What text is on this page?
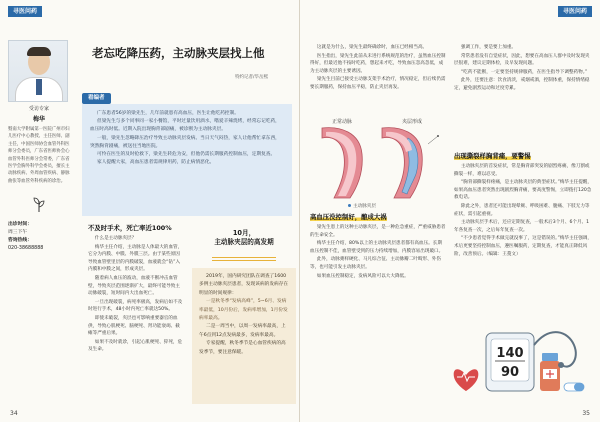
寻医问药
受访专家
梅华
暨南大学附属第一医院广州市妇儿医疗中心教授、主任医师、副主任，中国医师协会血管外科医师分会委员，广东省医师协会心血管外科医师分会常委，广东省医学会胸外科学会委员，擅长主动脉疾病、外周血管疾病、静脉曲张等血管外科疾病的诊治。
出诊时间：
周三下午
咨询热线：
020-38688888
老忘吃降压药，主动脉夹层找上他
特约记者/毕岳熙
看编者

广东患者56岁的梁先生，几年前就患有高血压，医生让他吃药控制。

但梁先生与多个同事同一家小餐馆，平时过量饮用酒水，嗜爱辛辣烧烤，经常忘记吃药，血压时高时低。近期入院出现胸背部剧痛，被诊断为主动脉夹层。

一般，梁先生忽略降压治疗导致主动脉夹层发病。当日天气闷热，家人让他帮忙拿东西，突然胸背剧痛，被送往当地医院。

可怜在医生的及时抢救下，梁先生转危为安，但他仍需长期服药控制血压，定期复查。

家人提醒大家，高血压患者需规律用药，防止病情恶化。

不及时手术，死亡率近100%

什么是主动脉夹层？

梅华主任介绍，主动脉是人体最大的血管，它分为内膜、中膜、外膜三层。由于某些原因导致血管壁里层的内膜破裂，血液就会“钻”入内膜和中膜之间，形成夹层。

随着病人血压的波动，血液不断冲击血管壁，导致夹层范围逐渐扩大，最终可能导致主动脉破裂，短时间内大出血死亡。

一旦出现破裂，病死率极高，发病后如不及时进行手术，48小时内死亡率就达50%。

即使未破裂，夹层也可影响重要器官的血供，导致心肌梗死、脑梗死、肾功能衰竭、截瘫等严重后果。

如果不及时就诊，引起心肌梗死、猝死，危及生命。

10月，
主动脉夹层的高发期

2019年，国内研究团队在调查了1600多例主动脉夹层患者，发现该病的发病存在明显的时间规律：

一是秋冬季“发病高峰”，5~6月、发病率最低，10月份后，发病率增加，1月份发病率最高。

二是一周当中，以周一发病率最高，上午6点到12点发病最多，发病率最高。

专家提醒，秋冬季节是心血管疾病的高发季节，要注意保暖。

34
寻医问药

这就是为什么，梁先生最终确诊时，血压已经相当高。

医生指出，梁先生此前从未进行系统规范的治疗，虽然血压控制得好，但最近他不按时吃药，想起来才吃，导致血压忽高忽低，成为主动脉夹层的主要诱因。

梁先生目前已接受主动脉支架手术治疗，情况稳定，但后续仍需要长期服药，保持血压平稳，防止夹层再发。

正常动脉	夹层形成
主动脉夹层
高血压没控制好，酿成大祸

梁先生患上的这种主动脉夹层，是一种危急重症，严重威胁患者的生命安全。

梅华主任介绍，80%以上的主动脉夹层患者都有高血压。长期血压控制不佳，血管壁受到的压力持续增加，内膜容易出现破口。

此外，动脉粥样硬化、马凡综合征、主动脉瓣二叶畸形、外伤等，也可能引发主动脉夹层。

如果血压控制稳定，发病风险可以大大降低。

强调工作，要是要上加重。

常常患者没有自觉症状，因此，想要在高血压人群中及时发现夹层很难，建议定期体检，及早发现问题。

“吃药不能断，一定要坚持规律服药，在医生指导下调整药物。”

此外，还要注意：饮食清淡，戒烟戒酒，控制体重，保持情绪稳定，避免剧烈运动和过度劳累。

出现撕裂样胸背痛，要警惕

主动脉夹层的首发症状，常是胸背部突发的剧烈疼痛，像刀割或撕裂一样，难以忍受。

“胸背部撕裂样疼痛，是主动脉夹层的典型症状。”梅华主任提醒，如果高血压患者突然出现剧烈胸背痛，要高度警惕，立即拨打120急救电话。

除此之外，患者还可能出现晕厥、呼吸困难、腹痛、下肢无力等症状，需引起重视。

主动脉夹层手术后，还应定期复查，一般术后3个月、6个月、1年各复查一次，之后每年复查一次。

“不少患者觉得手术做完就没事了，这是错误的。”梅华主任强调，术后更要坚持控制血压，遵医嘱服药，定期复查，才能真正降低风险，改善预后。（编辑：王蔓文）

140
90
35
